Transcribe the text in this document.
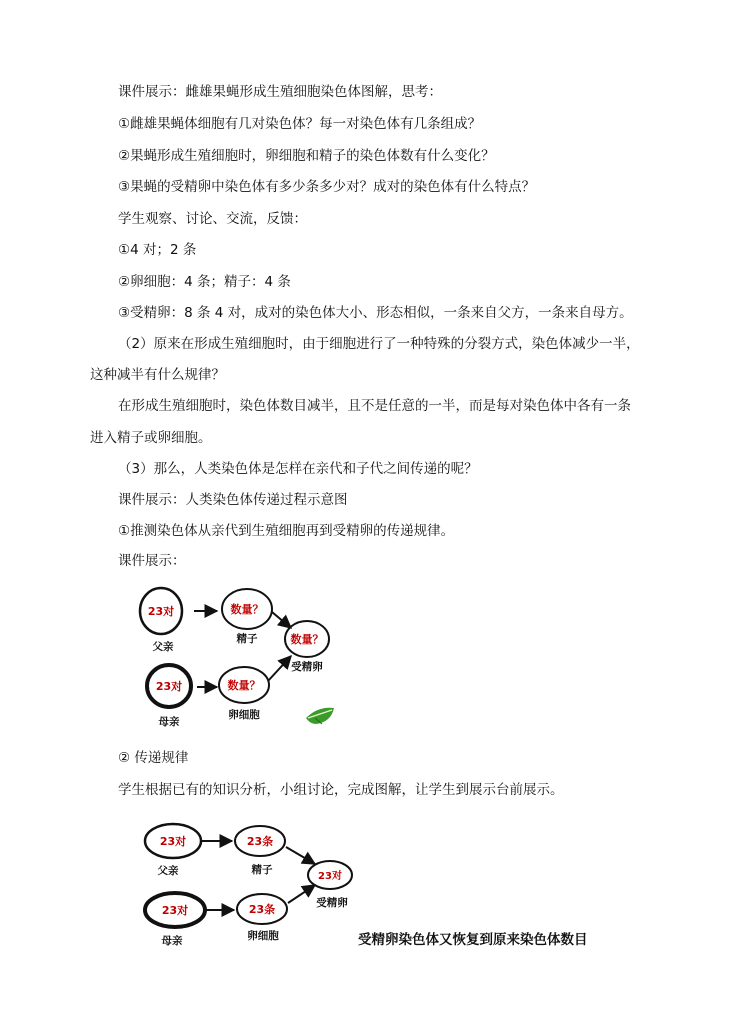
课件展示：雌雄果蝇形成生殖细胞染色体图解，思考：
①雌雄果蝇体细胞有几对染色体？每一对染色体有几条组成？
②果蝇形成生殖细胞时，卵细胞和精子的染色体数有什么变化？
③果蝇的受精卵中染色体有多少条多少对？成对的染色体有什么特点？
学生观察、讨论、交流，反馈：
①4 对；2 条
②卵细胞：4 条；精子：4 条
③受精卵：8 条 4 对，成对的染色体大小、形态相似，一条来自父方，一条来自母方。
（2）原来在形成生殖细胞时，由于细胞进行了一种特殊的分裂方式，染色体减少一半，
这种减半有什么规律？
在形成生殖细胞时，染色体数目减半，且不是任意的一半，而是每对染色体中各有一条
进入精子或卵细胞。
（3）那么，人类染色体是怎样在亲代和子代之间传递的呢？
课件展示：人类染色体传递过程示意图
①推测染色体从亲代到生殖细胞再到受精卵的传递规律。
课件展示：
② 传递规律
学生根据已有的知识分析，小组讨论，完成图解，让学生到展示台前展示。
23对
父亲
数量？
精子	数量？
受精卵
23对
母亲
数量？
卵细胞
23对
父亲
23条
精子
23对
受精卵
23对
母亲
23条
卵细胞	受精卵染色体又恢复到原来染色体数目
